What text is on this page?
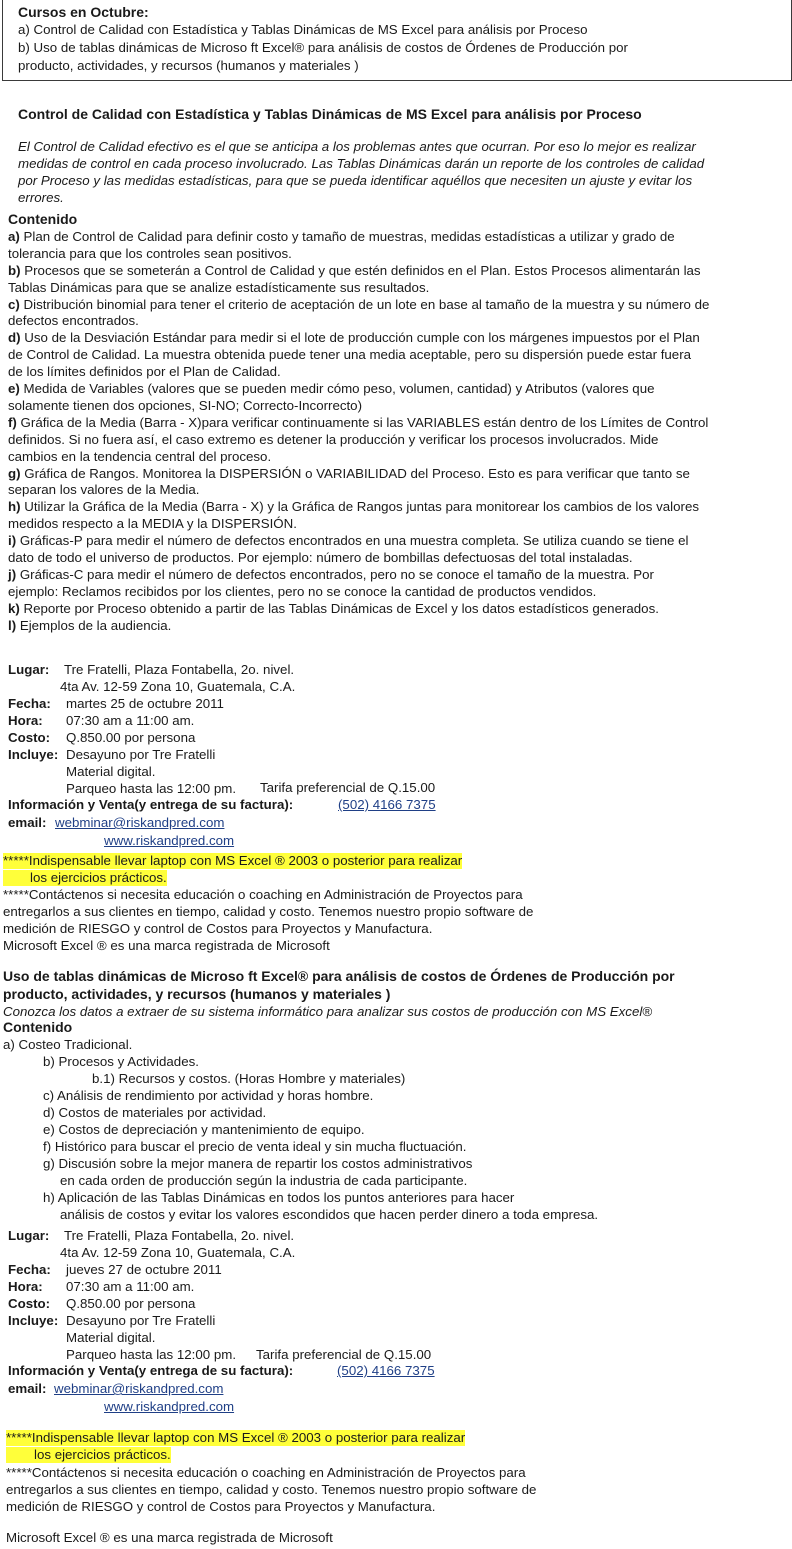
Cursos en Octubre:
a) Control de Calidad con Estadística y Tablas Dinámicas de MS Excel para análisis por Proceso
b) Uso de tablas dinámicas de Microso ft Excel® para análisis de costos de Órdenes de Producción por
producto, actividades, y recursos (humanos y materiales )
Control de Calidad con Estadística y Tablas Dinámicas de MS Excel para análisis por Proceso
El Control de Calidad efectivo es el que se anticipa a los problemas antes que ocurran. Por eso lo mejor es realizar
medidas de control en cada proceso involucrado. Las Tablas Dinámicas darán un reporte de los controles de calidad
por Proceso y las medidas estadísticas, para que se pueda identificar aquéllos que necesiten un ajuste y evitar los
errores.
Contenido
a) Plan de Control de Calidad para definir costo y tamaño de muestras, medidas estadísticas a utilizar y grado de
tolerancia para que los controles sean positivos.
b) Procesos que se someterán a Control de Calidad y que estén definidos en el Plan. Estos Procesos alimentarán las
Tablas Dinámicas para que se analize estadísticamente sus resultados.
c) Distribución binomial para tener el criterio de aceptación de un lote en base al tamaño de la muestra y su número de
defectos encontrados.
d) Uso de la Desviación Estándar para medir si el lote de producción cumple con los márgenes impuestos por el Plan
de Control de Calidad. La muestra obtenida puede tener una media aceptable, pero su dispersión puede estar fuera
de los límites definidos por el Plan de Calidad.
e) Medida de Variables (valores que se pueden medir cómo peso, volumen, cantidad) y Atributos (valores que
solamente tienen dos opciones, SI-NO; Correcto-Incorrecto)
f) Gráfica de la Media (Barra - X)para verificar continuamente si las VARIABLES están dentro de los Límites de Control
definidos. Si no fuera así, el caso extremo es detener la producción y verificar los procesos involucrados. Mide
cambios en la tendencia central del proceso.
g) Gráfica de Rangos. Monitorea la DISPERSIÓN o VARIABILIDAD del Proceso. Esto es para verificar que tanto se
separan los valores de la Media.
h) Utilizar la Gráfica de la Media (Barra - X) y la Gráfica de Rangos juntas para monitorear los cambios de los valores
medidos respecto a la MEDIA y la DISPERSIÓN.
i) Gráficas-P para medir el número de defectos encontrados en una muestra completa. Se utiliza cuando se tiene el
dato de todo el universo de productos. Por ejemplo: número de bombillas defectuosas del total instaladas.
j) Gráficas-C para medir el número de defectos encontrados, pero no se conoce el tamaño de la muestra. Por
ejemplo: Reclamos recibidos por los clientes, pero no se conoce la cantidad de productos vendidos.
k) Reporte por Proceso obtenido a partir de las Tablas Dinámicas de Excel y los datos estadísticos generados.
l) Ejemplos de la audiencia.
Lugar: Tre Fratelli, Plaza Fontabella, 2o. nivel.
4ta Av. 12-59 Zona 10, Guatemala, C.A.
Fecha: martes 25 de octubre 2011
Hora: 07:30 am a 11:00 am.
Costo: Q.850.00 por persona
Incluye: Desayuno por Tre Fratelli
Material digital.
Parqueo hasta las 12:00 pm. Tarifa preferencial de Q.15.00
Información y Venta(y entrega de su factura):	(502) 4166 7375
email: webminar@riskandpred.com
www.riskandpred.com
*****Indispensable llevar laptop con MS Excel ® 2003 o posterior para realizar
los ejercicios prácticos.
*****Contáctenos si necesita educación o coaching en Administración de Proyectos para
entregarlos a sus clientes en tiempo, calidad y costo. Tenemos nuestro propio software de
medición de RIESGO y control de Costos para Proyectos y Manufactura.
Microsoft Excel ® es una marca registrada de Microsoft
Uso de tablas dinámicas de Microso ft Excel® para análisis de costos de Órdenes de Producción por
producto, actividades, y recursos (humanos y materiales )
Conozca los datos a extraer de su sistema informático para analizar sus costos de producción con MS Excel®
Contenido
a) Costeo Tradicional.
b) Procesos y Actividades.
b.1) Recursos y costos. (Horas Hombre y materiales)
c) Análisis de rendimiento por actividad y horas hombre.
d) Costos de materiales por actividad.
e) Costos de depreciación y mantenimiento de equipo.
f) Histórico para buscar el precio de venta ideal y sin mucha fluctuación.
g) Discusión sobre la mejor manera de repartir los costos administrativos
en cada orden de producción según la industria de cada participante.
h) Aplicación de las Tablas Dinámicas en todos los puntos anteriores para hacer
análisis de costos y evitar los valores escondidos que hacen perder dinero a toda empresa.
Lugar: Tre Fratelli, Plaza Fontabella, 2o. nivel.
4ta Av. 12-59 Zona 10, Guatemala, C.A.
Fecha: jueves 27 de octubre 2011
Hora: 07:30 am a 11:00 am.
Costo: Q.850.00 por persona
Incluye: Desayuno por Tre Fratelli
Material digital.
Parqueo hasta las 12:00 pm. Tarifa preferencial de Q.15.00
Información y Venta(y entrega de su factura):	(502) 4166 7375
email: webminar@riskandpred.com
www.riskandpred.com
*****Indispensable llevar laptop con MS Excel ® 2003 o posterior para realizar
los ejercicios prácticos.
*****Contáctenos si necesita educación o coaching en Administración de Proyectos para
entregarlos a sus clientes en tiempo, calidad y costo. Tenemos nuestro propio software de
medición de RIESGO y control de Costos para Proyectos y Manufactura.
Microsoft Excel ® es una marca registrada de Microsoft
